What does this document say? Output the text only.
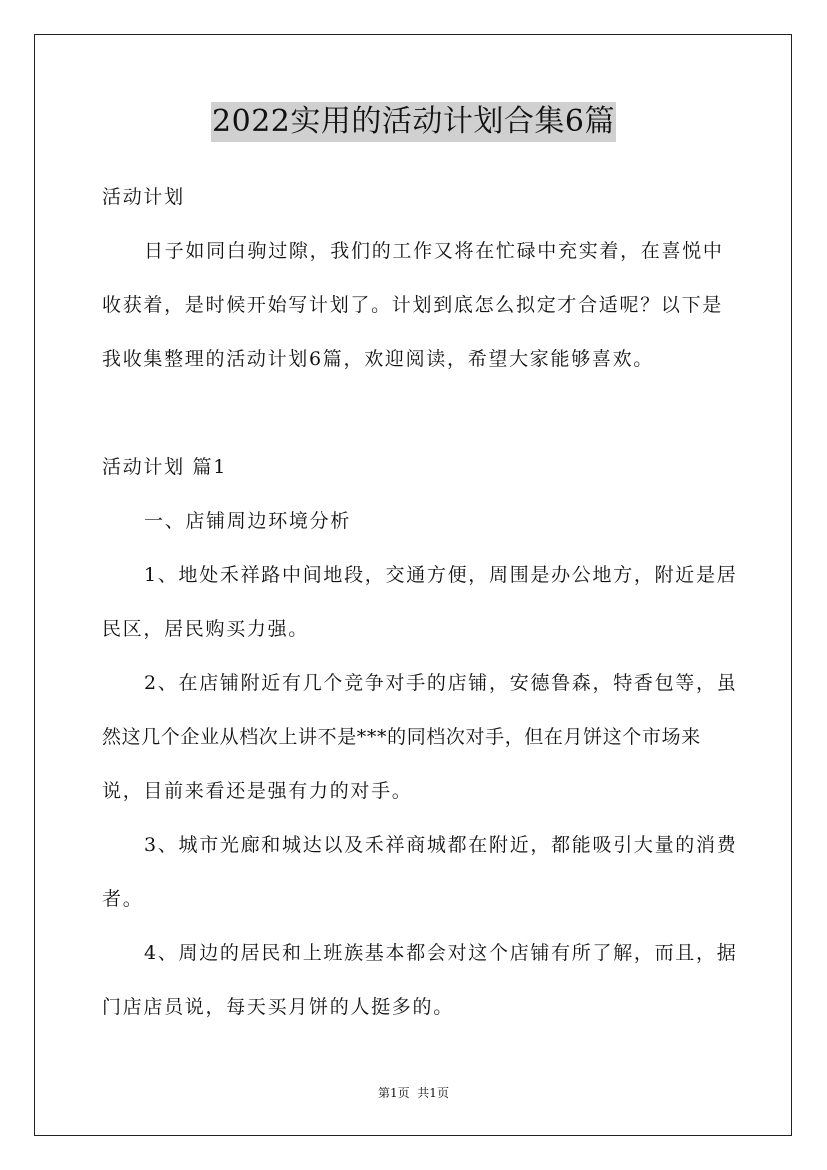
2022实用的活动计划合集6篇
活动计划
日子如同白驹过隙，我们的工作又将在忙碌中充实着，在喜悦中
收获着，是时候开始写计划了。计划到底怎么拟定才合适呢？以下是
我收集整理的活动计划6篇，欢迎阅读，希望大家能够喜欢。
活动计划 篇1
一、店铺周边环境分析
1、地处禾祥路中间地段，交通方便，周围是办公地方，附近是居
民区，居民购买力强。
2、在店铺附近有几个竞争对手的店铺，安德鲁森，特香包等，虽
然这几个企业从档次上讲不是***的同档次对手，但在月饼这个市场来
说，目前来看还是强有力的对手。
3、城市光廊和城达以及禾祥商城都在附近，都能吸引大量的消费
者。
4、周边的居民和上班族基本都会对这个店铺有所了解，而且，据
门店店员说，每天买月饼的人挺多的。
第1页  共1页
